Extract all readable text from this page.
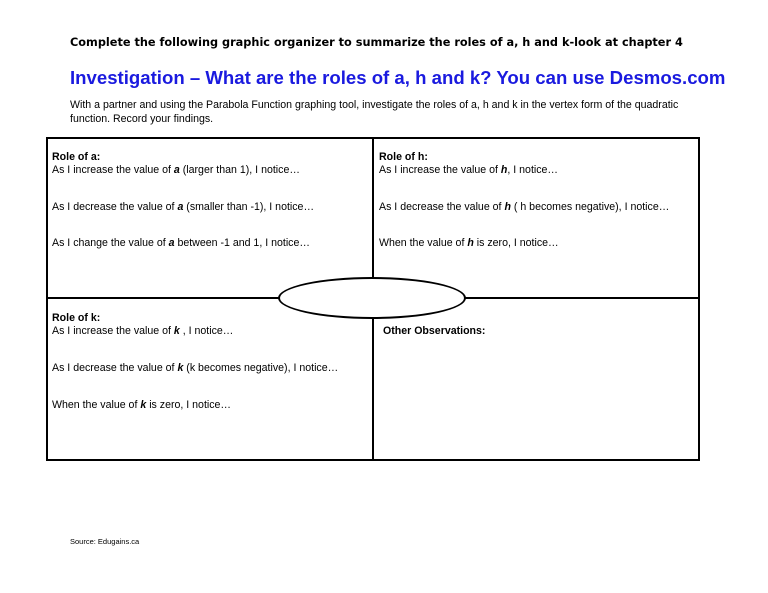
Complete the following graphic organizer to summarize the roles of a, h and k-look at chapter 4
Investigation – What are the roles of a, h and k? You can use Desmos.com
With a partner and using the Parabola Function graphing tool, investigate the roles of a, h and k in the vertex form of the quadratic function. Record your findings.
Role of a:
As I increase the value of a (larger than 1), I notice…
As I decrease the value of a (smaller than -1), I notice…
As I change the value of a between -1 and 1, I notice…
Role of h:
As I increase the value of h, I notice…
As I decrease the value of h ( h becomes negative), I notice…
When the value of h is zero, I notice…
Role of k:
As I increase the value of k , I notice…
As I decrease the value of k (k becomes negative), I notice…
When the value of k is zero, I notice…
Other Observations:
Source: Edugains.ca
